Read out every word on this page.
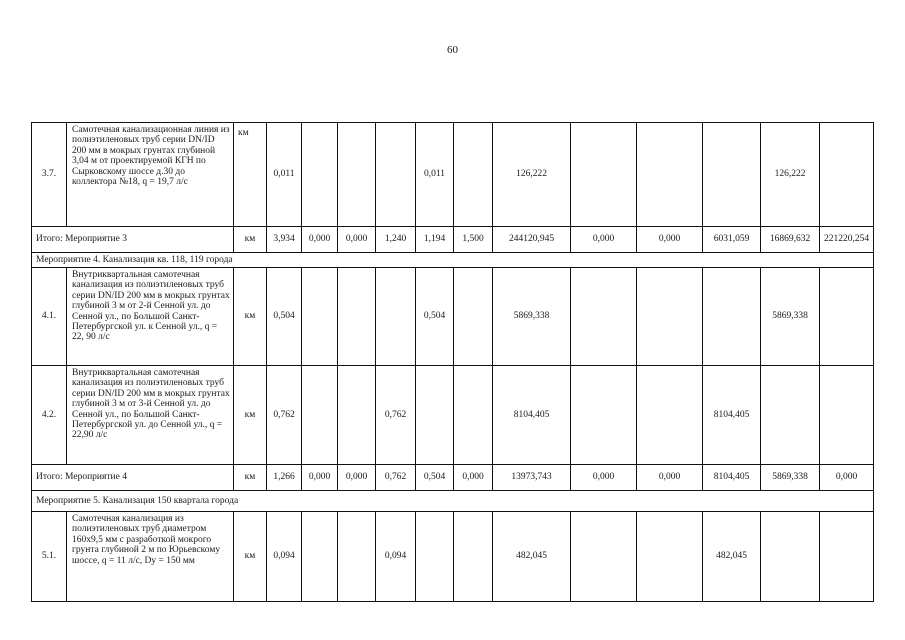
60
3.7.	Самотечная канализационная линия из полиэтиленовых труб серии DN/ID 200 мм в мокрых грунтах глубиной 3,04 м от проектируемой КГН по Сырковскому шоссе д.30 до коллектора №18, q = 19,7 л/с	км	0,011				0,011		126,222				126,222	
Итого: Мероприятие 3		км	3,934	0,000	0,000	1,240	1,194	1,500	244120,945	0,000	0,000	6031,059	16869,632	221220,254
Мероприятие 4. Канализация кв. 118, 119 города														
4.1.	Внутриквартальная самотечная канализация из полиэтиленовых труб серии DN/ID 200 мм в мокрых грунтах глубиной 3 м от 2-й Сенной ул. до Сенной ул., по Большой Санкт-Петербургской ул. к Сенной ул., q = 22, 90 л/с	км	0,504				0,504		5869,338				5869,338	
4.2.	Внутриквартальная самотечная канализация из полиэтиленовых труб серии DN/ID 200 мм в мокрых грунтах глубиной 3 м от 3-й Сенной ул. до Сенной ул., по Большой Санкт-Петербургской ул. до Сенной ул., q = 22,90 л/с	км	0,762			0,762			8104,405			8104,405		
Итого: Мероприятие 4		км	1,266	0,000	0,000	0,762	0,504	0,000	13973,743	0,000	0,000	8104,405	5869,338	0,000
Мероприятие 5. Канализация 150 квартала города														
5.1.	Самотечная канализация из полиэтиленовых труб диаметром 160х9,5 мм с разработкой мокрого грунта глубиной 2 м по Юрьевскому шоссе, q = 11 л/с, Dy = 150 мм	км	0,094			0,094			482,045			482,045		
